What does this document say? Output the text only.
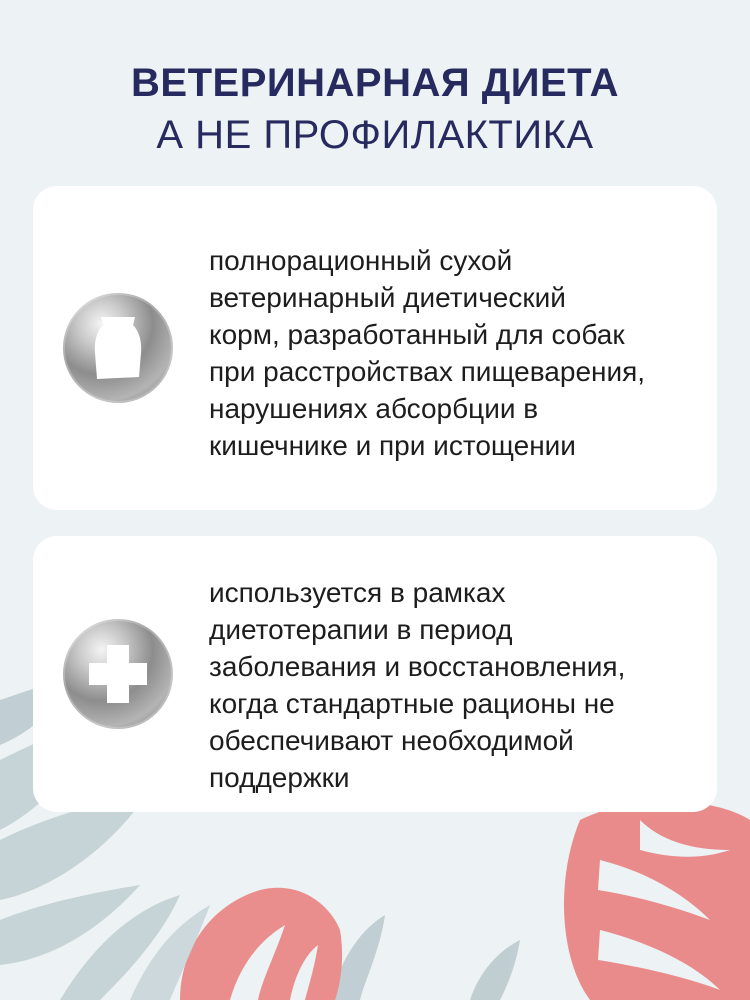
ВЕТЕРИНАРНАЯ ДИЕТА
А НЕ ПРОФИЛАКТИКА
полнорационный сухой
ветеринарный диетический
корм, разработанный для собак
при расстройствах пищеварения,
нарушениях абсорбции в
кишечнике и при истощении
используется в рамках
диетотерапии в период
заболевания и восстановления,
когда стандартные рационы не
обеспечивают необходимой
поддержки
